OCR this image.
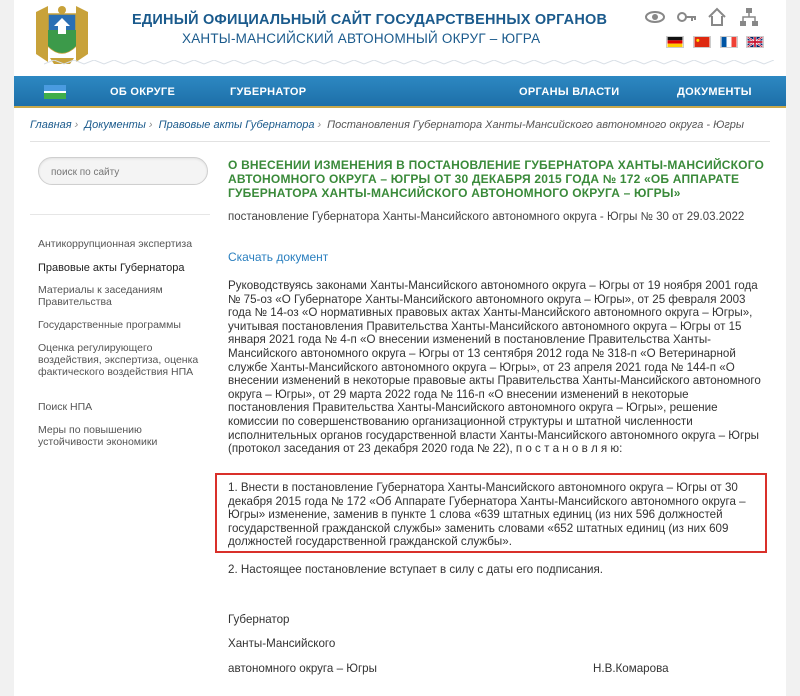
ЕДИНЫЙ ОФИЦИАЛЬНЫЙ САЙТ ГОСУДАРСТВЕННЫХ ОРГАНОВ
ХАНТЫ-МАНСИЙСКИЙ АВТОНОМНЫЙ ОКРУГ – ЮГРА
ОБ ОКРУГЕ	ГУБЕРНАТОР	ОРГАНЫ ВЛАСТИ	ДОКУМЕНТЫ
Главная › Документы › Правовые акты Губернатора › Постановления Губернатора Ханты-Мансийского автономного округа - Югры
поиск по сайту
Антикоррупционная экспертиза
Правовые акты Губернатора
Материалы к заседаниям Правительства
Государственные программы
Оценка регулирующего воздействия, экспертиза, оценка фактического воздействия НПА
Поиск НПА
Меры по повышению устойчивости экономики
О ВНЕСЕНИИ ИЗМЕНЕНИЯ В ПОСТАНОВЛЕНИЕ ГУБЕРНАТОРА ХАНТЫ-МАНСИЙСКОГО АВТОНОМНОГО ОКРУГА – ЮГРЫ ОТ 30 ДЕКАБРЯ 2015 ГОДА № 172 «ОБ АППАРАТЕ ГУБЕРНАТОРА ХАНТЫ-МАНСИЙСКОГО АВТОНОМНОГО ОКРУГА – ЮГРЫ»
постановление Губернатора Ханты-Мансийского автономного округа - Югры № 30 от 29.03.2022
Скачать документ
Руководствуясь законами Ханты-Мансийского автономного округа – Югры от 19 ноября 2001 года № 75-оз «О Губернаторе Ханты-Мансийского автономного округа – Югры», от 25 февраля 2003 года № 14-оз «О нормативных правовых актах Ханты-Мансийского автономного округа – Югры», учитывая постановления Правительства Ханты-Мансийского автономного округа – Югры от 15 января 2021 года № 4-п «О внесении изменений в постановление Правительства Ханты-Мансийского автономного округа – Югры от 13 сентября 2012 года № 318-п «О Ветеринарной службе Ханты-Мансийского автономного округа – Югры», от 23 апреля 2021 года № 144-п «О внесении изменений в некоторые правовые акты Правительства Ханты-Мансийского автономного округа – Югры», от 29 марта 2022 года № 116-п «О внесении изменений в некоторые постановления Правительства Ханты-Мансийского автономного округа – Югры», решение комиссии по совершенствованию организационной структуры и штатной численности исполнительных органов государственной власти Ханты-Мансийского автономного округа – Югры (протокол заседания от 23 декабря 2020 года № 22), п о с т а н о в л я ю:
1. Внести в постановление Губернатора Ханты-Мансийского автономного округа – Югры от 30 декабря 2015 года № 172 «Об Аппарате Губернатора Ханты-Мансийского автономного округа – Югры» изменение, заменив в пункте 1 слова «639 штатных единиц (из них 596 должностей государственной гражданской службы» заменить словами «652 штатных единиц (из них 609 должностей государственной гражданской службы».
2. Настоящее постановление вступает в силу с даты его подписания.
Губернатор
Ханты-Мансийского
автономного округа – Югры	Н.В.Комарова
